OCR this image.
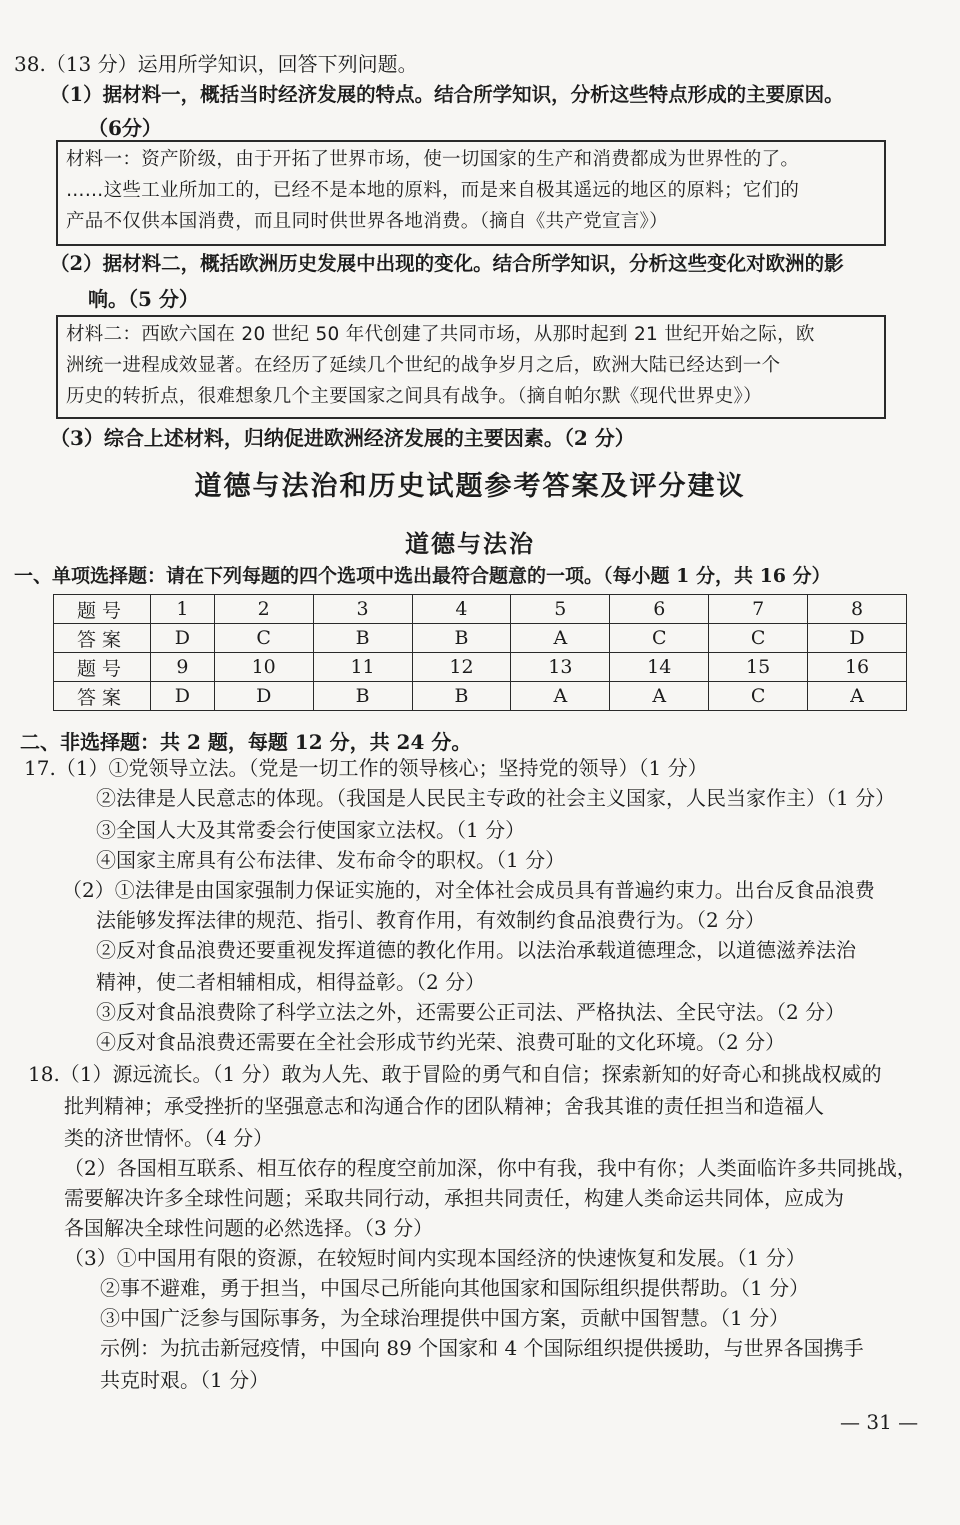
38.（13 分）运用所学知识，回答下列问题。
（1）据材料一，概括当时经济发展的特点。结合所学知识，分析这些特点形成的主要原因。
（6分）
材料一：资产阶级，由于开拓了世界市场，使一切国家的生产和消费都成为世界性的了。
……这些工业所加工的，已经不是本地的原料，而是来自极其遥远的地区的原料；它们的
产品不仅供本国消费，而且同时供世界各地消费。（摘自《共产党宣言》）
（2）据材料二，概括欧洲历史发展中出现的变化。结合所学知识，分析这些变化对欧洲的影
响。（5 分）
材料二：西欧六国在 20 世纪 50 年代创建了共同市场，从那时起到 21 世纪开始之际，欧
洲统一进程成效显著。在经历了延续几个世纪的战争岁月之后，欧洲大陆已经达到一个
历史的转折点，很难想象几个主要国家之间具有战争。（摘自帕尔默《现代世界史》）
（3）综合上述材料，归纳促进欧洲经济发展的主要因素。（2 分）
道德与法治和历史试题参考答案及评分建议
道德与法治
一、单项选择题：请在下列每题的四个选项中选出最符合题意的一项。（每小题 1 分，共 16 分）
题号	1	2	3	4	5	6	7	8
答案	D	C	B	B	A	C	C	D
题号	9	10	11	12	13	14	15	16
答案	D	D	B	B	A	A	C	A
二、非选择题：共 2 题，每题 12 分，共 24 分。
17.（1）①党领导立法。（党是一切工作的领导核心；坚持党的领导）（1 分）
②法律是人民意志的体现。（我国是人民民主专政的社会主义国家，人民当家作主）（1 分）
③全国人大及其常委会行使国家立法权。（1 分）
④国家主席具有公布法律、发布命令的职权。（1 分）
（2）①法律是由国家强制力保证实施的，对全体社会成员具有普遍约束力。出台反食品浪费
法能够发挥法律的规范、指引、教育作用，有效制约食品浪费行为。（2 分）
②反对食品浪费还要重视发挥道德的教化作用。以法治承载道德理念，以道德滋养法治
精神，使二者相辅相成，相得益彰。（2 分）
③反对食品浪费除了科学立法之外，还需要公正司法、严格执法、全民守法。（2 分）
④反对食品浪费还需要在全社会形成节约光荣、浪费可耻的文化环境。（2 分）
18.（1）源远流长。（1 分）敢为人先、敢于冒险的勇气和自信；探索新知的好奇心和挑战权威的
批判精神；承受挫折的坚强意志和沟通合作的团队精神；舍我其谁的责任担当和造福人
类的济世情怀。（4 分）
（2）各国相互联系、相互依存的程度空前加深，你中有我，我中有你；人类面临许多共同挑战，
需要解决许多全球性问题；采取共同行动，承担共同责任，构建人类命运共同体，应成为
各国解决全球性问题的必然选择。（3 分）
（3）①中国用有限的资源，在较短时间内实现本国经济的快速恢复和发展。（1 分）
②事不避难，勇于担当，中国尽己所能向其他国家和国际组织提供帮助。（1 分）
③中国广泛参与国际事务，为全球治理提供中国方案，贡献中国智慧。（1 分）
示例：为抗击新冠疫情，中国向 89 个国家和 4 个国际组织提供援助，与世界各国携手
共克时艰。（1 分）
— 31 —
